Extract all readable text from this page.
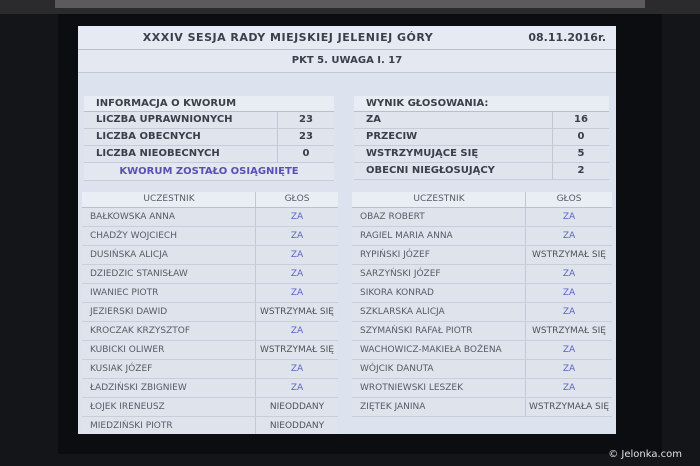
XXXIV SESJA RADY MIEJSKIEJ JELENIEJ GÓRY	08.11.2016r.
PKT 5. UWAGA I. 17
INFORMACJA O KWORUM
LICZBA UPRAWNIONYCH	23
LICZBA OBECNYCH	23
LICZBA NIEOBECNYCH	0
KWORUM ZOSTAŁO OSIĄGNIĘTE
WYNIK GŁOSOWANIA:
ZA	16
PRZECIW	0
WSTRZYMUJĄCE SIĘ	5
OBECNI NIEGŁOSUJĄCY	2
UCZESTNIK	GŁOS
BAŁKOWSKA ANNA	ZA
CHADŻY WOJCIECH	ZA
DUSIŃSKA ALICJA	ZA
DZIEDZIC STANISŁAW	ZA
IWANIEC PIOTR	ZA
JEZIERSKI DAWID	WSTRZYMAŁ SIĘ
KROCZAK KRZYSZTOF	ZA
KUBICKI OLIWER	WSTRZYMAŁ SIĘ
KUSIAK JÓZEF	ZA
ŁADZIŃSKI ZBIGNIEW	ZA
ŁOJEK IRENEUSZ	NIEODDANY
MIEDZIŃSKI PIOTR	NIEODDANY
UCZESTNIK	GŁOS
OBAZ ROBERT	ZA
RAGIEL MARIA ANNA	ZA
RYPIŃSKI JÓZEF	WSTRZYMAŁ SIĘ
SARZYŃSKI JÓZEF	ZA
SIKORA KONRAD	ZA
SZKLARSKA ALICJA	ZA
SZYMAŃSKI RAFAŁ PIOTR	WSTRZYMAŁ SIĘ
WACHOWICZ-MAKIEŁA BOŻENA	ZA
WÓJCIK DANUTA	ZA
WROTNIEWSKI LESZEK	ZA
ZIĘTEK JANINA	WSTRZYMAŁA SIĘ
© Jelonka.com
